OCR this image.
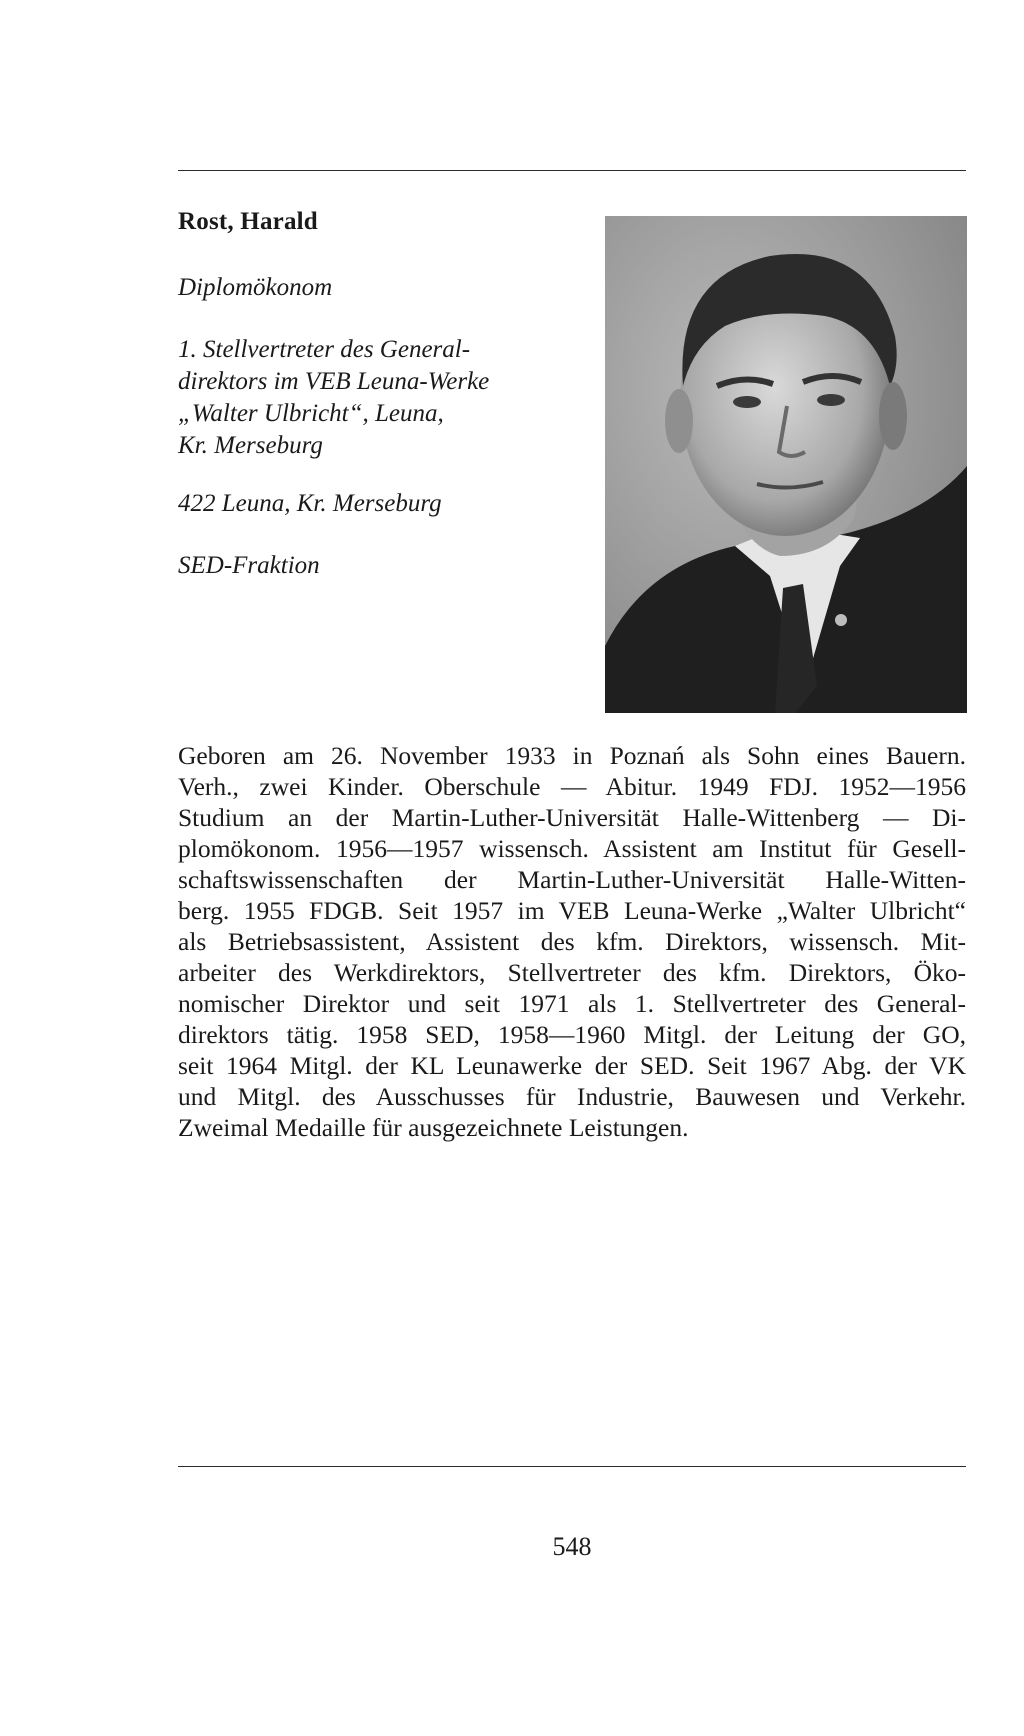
Rost, Harald
Diplomökonom
1. Stellvertreter des General-
direktors im VEB Leuna-Werke
„Walter Ulbricht“, Leuna,
Kr. Merseburg
422 Leuna, Kr. Merseburg
SED-Fraktion
Geboren am 26. November 1933 in Poznań als Sohn eines Bauern.
Verh., zwei Kinder. Oberschule — Abitur. 1949 FDJ. 1952—1956
Studium an der Martin-Luther-Universität Halle-Wittenberg — Di-
plomökonom. 1956—1957 wissensch. Assistent am Institut für Gesell-
schaftswissenschaften der Martin-Luther-Universität Halle-Witten-
berg. 1955 FDGB. Seit 1957 im VEB Leuna-Werke „Walter Ulbricht“
als Betriebsassistent, Assistent des kfm. Direktors, wissensch. Mit-
arbeiter des Werkdirektors, Stellvertreter des kfm. Direktors, Öko-
nomischer Direktor und seit 1971 als 1. Stellvertreter des General-
direktors tätig. 1958 SED, 1958—1960 Mitgl. der Leitung der GO,
seit 1964 Mitgl. der KL Leunawerke der SED. Seit 1967 Abg. der VK
und Mitgl. des Ausschusses für Industrie, Bauwesen und Verkehr.
Zweimal Medaille für ausgezeichnete Leistungen.
548
